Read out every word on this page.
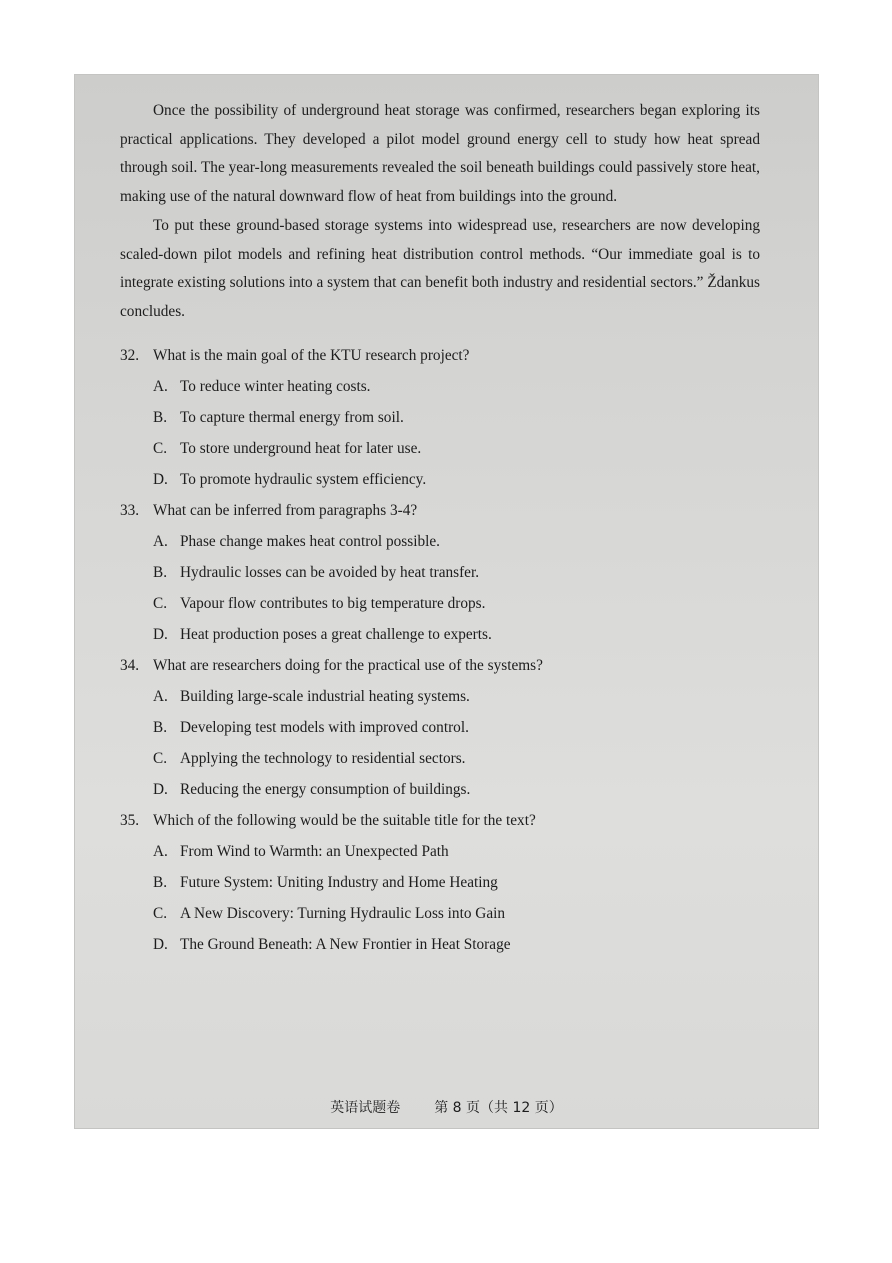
Once the possibility of underground heat storage was confirmed, researchers began exploring its practical applications. They developed a pilot model ground energy cell to study how heat spread through soil. The year-long measurements revealed the soil beneath buildings could passively store heat, making use of the natural downward flow of heat from buildings into the ground.

To put these ground-based storage systems into widespread use, researchers are now developing scaled-down pilot models and refining heat distribution control methods. “Our immediate goal is to integrate existing solutions into a system that can benefit both industry and residential sectors.” Ždankus concludes.

32. What is the main goal of the KTU research project?

A. To reduce winter heating costs.

B. To capture thermal energy from soil.

C. To store underground heat for later use.

D. To promote hydraulic system efficiency.

33. What can be inferred from paragraphs 3-4?

A. Phase change makes heat control possible.

B. Hydraulic losses can be avoided by heat transfer.

C. Vapour flow contributes to big temperature drops.

D. Heat production poses a great challenge to experts.

34. What are researchers doing for the practical use of the systems?

A. Building large-scale industrial heating systems.

B. Developing test models with improved control.

C. Applying the technology to residential sectors.

D. Reducing the energy consumption of buildings.

35. Which of the following would be the suitable title for the text?

A. From Wind to Warmth: an Unexpected Path

B. Future System: Uniting Industry and Home Heating

C. A New Discovery: Turning Hydraulic Loss into Gain

D. The Ground Beneath: A New Frontier in Heat Storage

英语试题卷 第 8 页（共 12 页）
